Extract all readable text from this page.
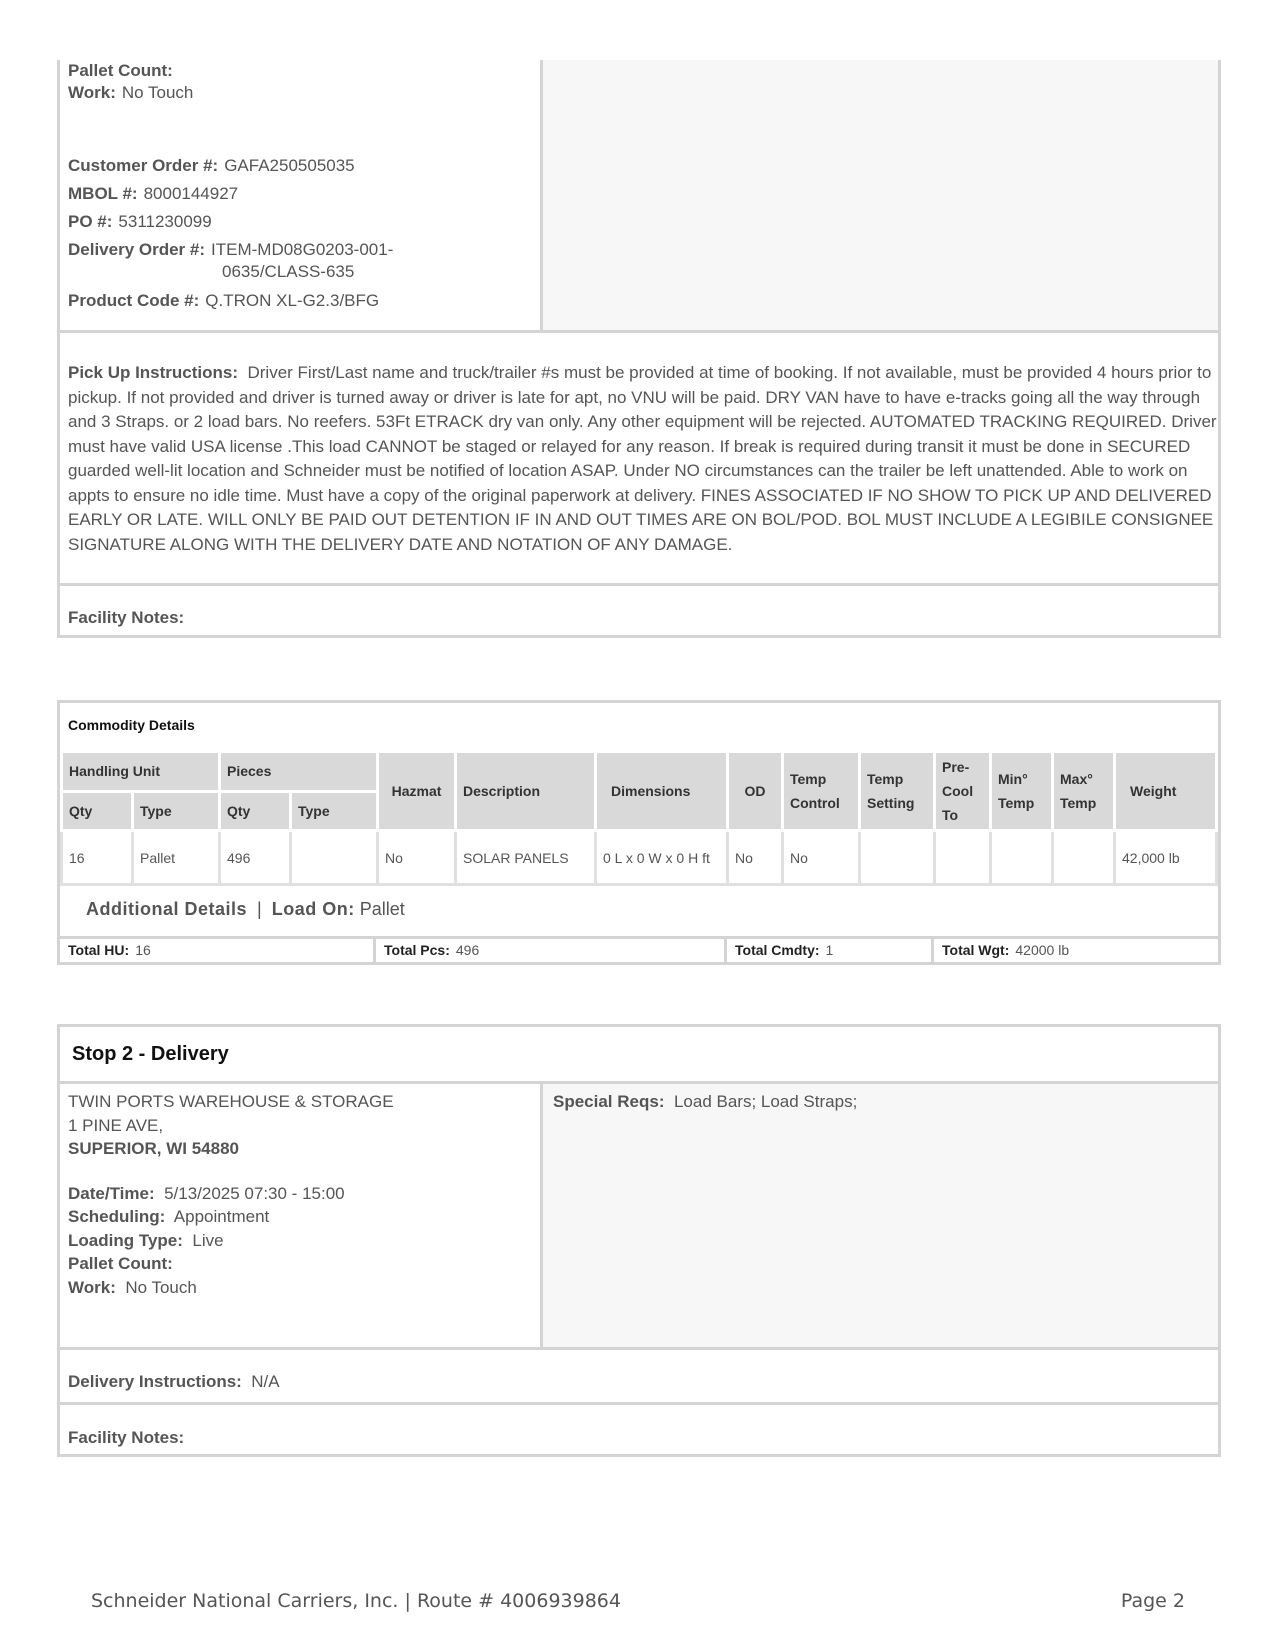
Pallet Count:
Work: No Touch
Customer Order #: GAFA250505035
MBOL #: 8000144927
PO #: 5311230099
Delivery Order #: ITEM-MD08G0203-001-
0635/CLASS-635
Product Code #: Q.TRON XL-G2.3/BFG
Pick Up Instructions: Driver First/Last name and truck/trailer #s must be provided at time of booking. If not available, must be provided 4 hours prior to pickup. If not provided and driver is turned away or driver is late for apt, no VNU will be paid. DRY VAN have to have e-tracks going all the way through and 3 Straps. or 2 load bars. No reefers. 53Ft ETRACK dry van only. Any other equipment will be rejected. AUTOMATED TRACKING REQUIRED. Driver must have valid USA license .This load CANNOT be staged or relayed for any reason. If break is required during transit it must be done in SECURED guarded well-lit location and Schneider must be notified of location ASAP. Under NO circumstances can the trailer be left unattended. Able to work on appts to ensure no idle time. Must have a copy of the original paperwork at delivery. FINES ASSOCIATED IF NO SHOW TO PICK UP AND DELIVERED EARLY OR LATE. WILL ONLY BE PAID OUT DETENTION IF IN AND OUT TIMES ARE ON BOL/POD. BOL MUST INCLUDE A LEGIBILE CONSIGNEE SIGNATURE ALONG WITH THE DELIVERY DATE AND NOTATION OF ANY DAMAGE.
Facility Notes:
Commodity Details
Handling Unit		Pieces		Hazmat	Description	Dimensions	OD	Temp Control	Temp Setting	Pre-Cool To	Min° Temp	Max° Temp	Weight
Qty	Type	Qty	Type										
16	Pallet	496		No	SOLAR PANELS	0 L x 0 W x 0 H ft	No	No					42,000 lb
Additional Details  |  Load On: Pallet
Total HU: 16	Total Pcs: 496	Total Cmdty: 1	Total Wgt: 42000 lb
Stop 2 - Delivery
TWIN PORTS WAREHOUSE & STORAGE
1 PINE AVE,
SUPERIOR, WI 54880
Date/Time: 5/13/2025 07:30 - 15:00
Scheduling: Appointment
Loading Type: Live
Pallet Count:
Work: No Touch
Special Reqs: Load Bars; Load Straps;
Delivery Instructions: N/A
Facility Notes:
Schneider National Carriers, Inc. | Route # 4006939864	Page 2
